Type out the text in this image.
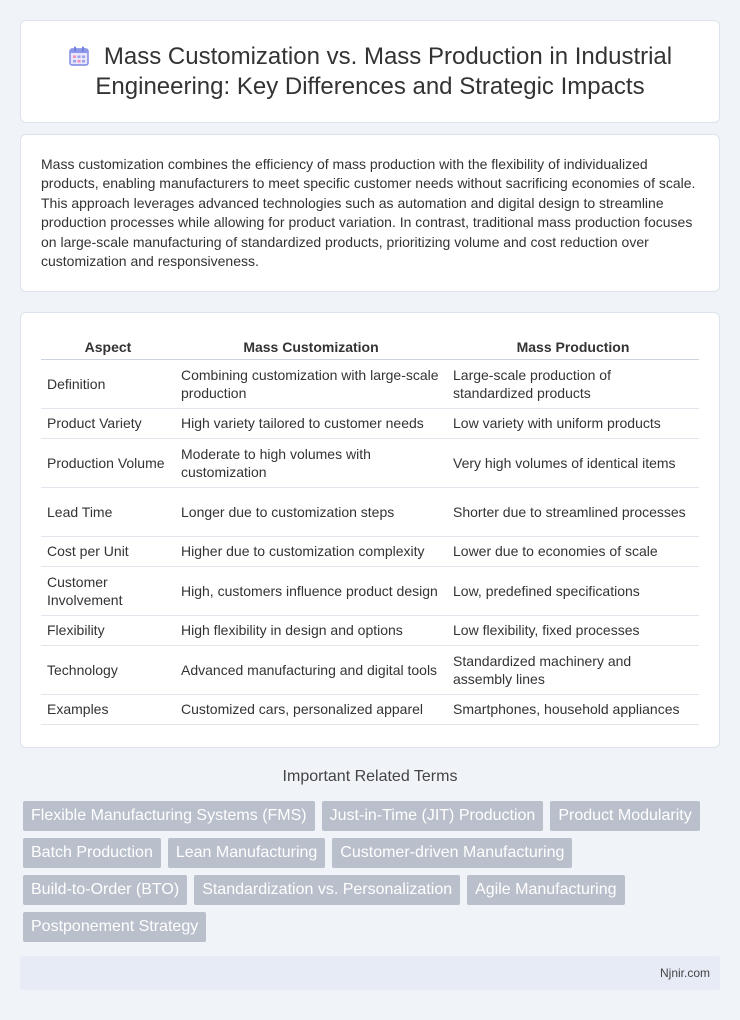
Mass Customization vs. Mass Production in Industrial Engineering: Key Differences and Strategic Impacts

Mass customization combines the efficiency of mass production with the flexibility of individualized products, enabling manufacturers to meet specific customer needs without sacrificing economies of scale. This approach leverages advanced technologies such as automation and digital design to streamline production processes while allowing for product variation. In contrast, traditional mass production focuses on large-scale manufacturing of standardized products, prioritizing volume and cost reduction over customization and responsiveness.

Aspect	Mass Customization	Mass Production
Definition	Combining customization with large-scale production	Large-scale production of standardized products
Product Variety	High variety tailored to customer needs	Low variety with uniform products
Production Volume	Moderate to high volumes with customization	Very high volumes of identical items
Lead Time	Longer due to customization steps	Shorter due to streamlined processes
Cost per Unit	Higher due to customization complexity	Lower due to economies of scale
Customer Involvement	High, customers influence product design	Low, predefined specifications
Flexibility	High flexibility in design and options	Low flexibility, fixed processes
Technology	Advanced manufacturing and digital tools	Standardized machinery and assembly lines
Examples	Customized cars, personalized apparel	Smartphones, household appliances
Important Related Terms
Flexible Manufacturing Systems (FMS)	Just-in-Time (JIT) Production	Product Modularity
Batch Production	Lean Manufacturing	Customer-driven Manufacturing
Build-to-Order (BTO)	Standardization vs. Personalization	Agile Manufacturing
Postponement Strategy
Njnir.com
